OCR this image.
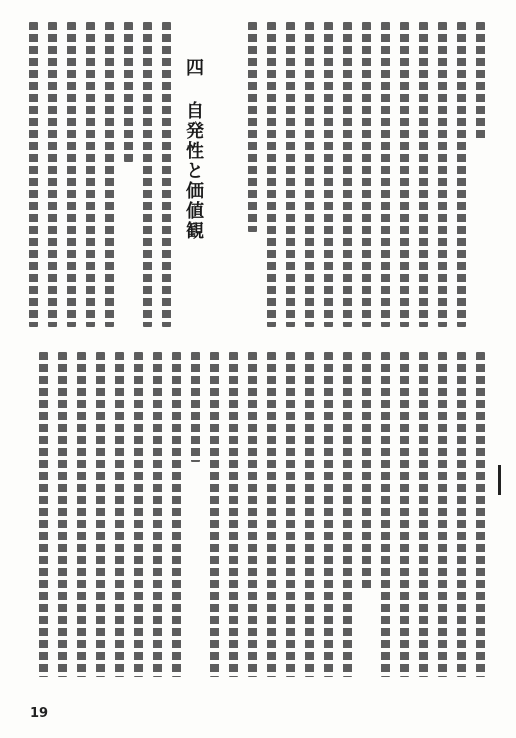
四 自発性と価値観
19
